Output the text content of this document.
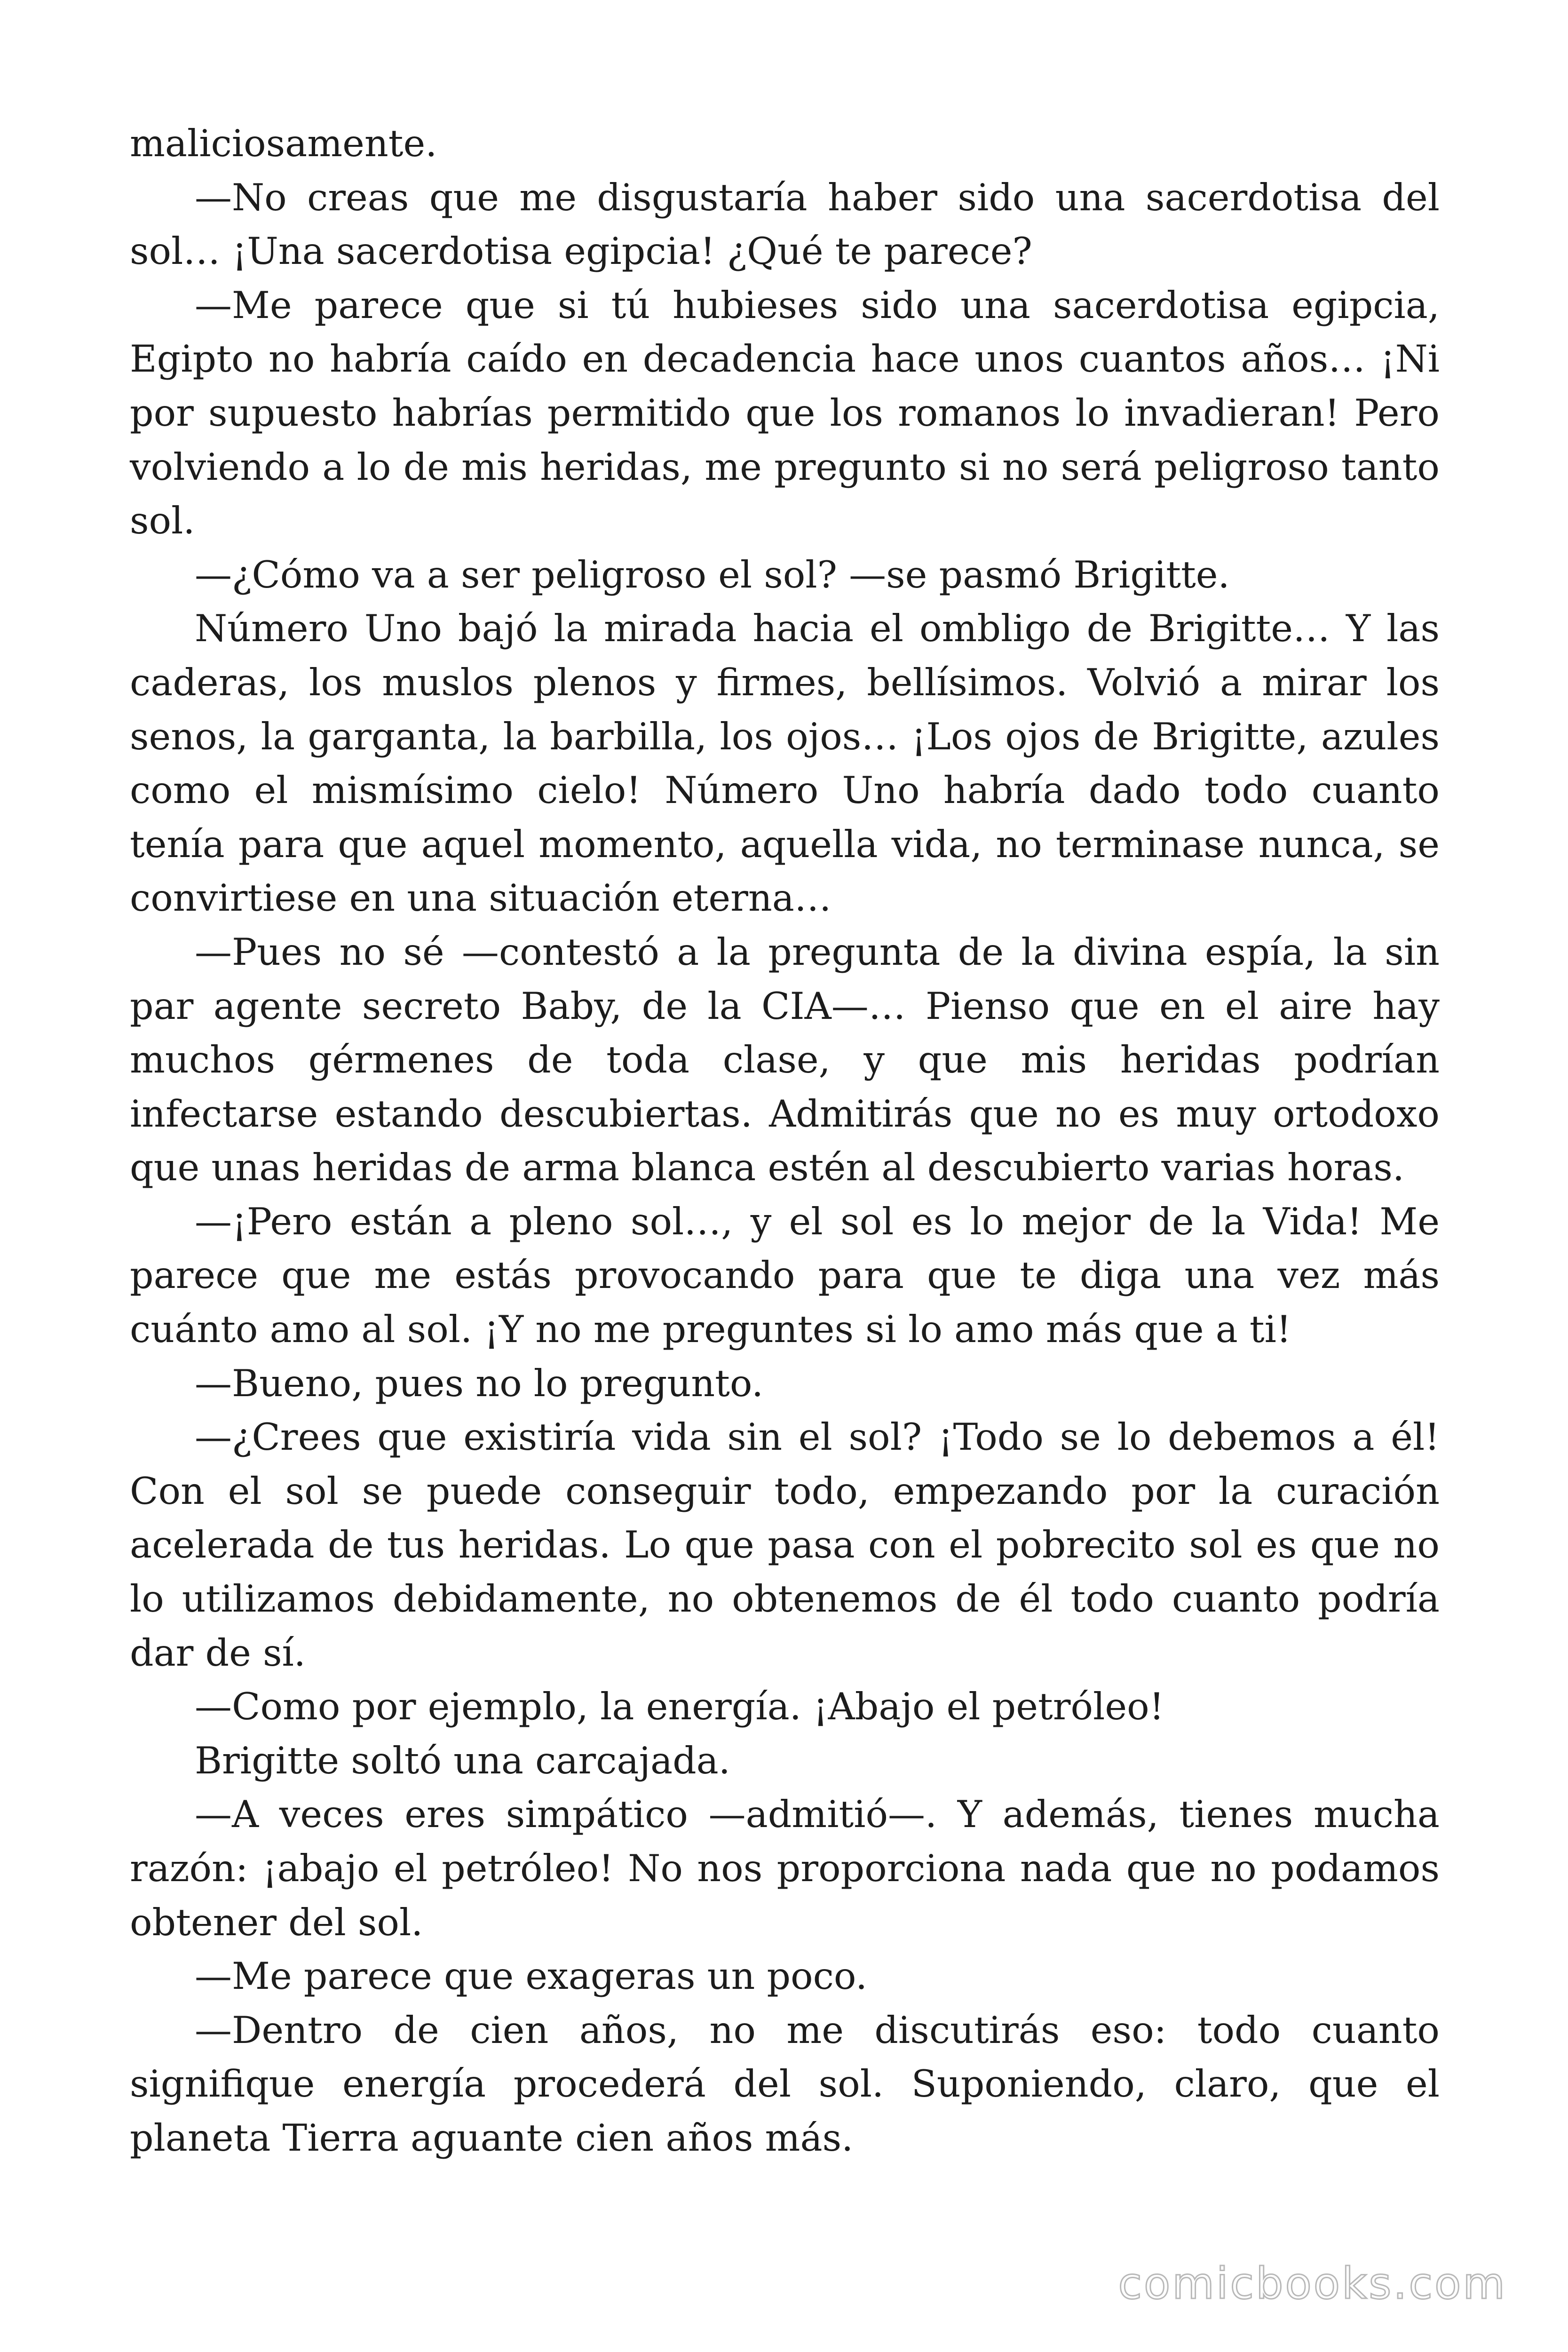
maliciosamente.

—No creas que me disgustaría haber sido una sacerdotisa del sol… ¡Una sacerdotisa egipcia! ¿Qué te parece?

—Me parece que si tú hubieses sido una sacerdotisa egipcia, Egipto no habría caído en decadencia hace unos cuantos años… ¡Ni por supuesto habrías permitido que los romanos lo invadieran! Pero volviendo a lo de mis heridas, me pregunto si no será peligroso tanto sol.

—¿Cómo va a ser peligroso el sol? —se pasmó Brigitte.

Número Uno bajó la mirada hacia el ombligo de Brigitte… Y las caderas, los muslos plenos y firmes, bellísimos. Volvió a mirar los senos, la garganta, la barbilla, los ojos… ¡Los ojos de Brigitte, azules como el mismísimo cielo! Número Uno habría dado todo cuanto tenía para que aquel momento, aquella vida, no terminase nunca, se convirtiese en una situación eterna…

—Pues no sé —contestó a la pregunta de la divina espía, la sin par agente secreto Baby, de la CIA—… Pienso que en el aire hay muchos gérmenes de toda clase, y que mis heridas podrían infectarse estando descubiertas. Admitirás que no es muy ortodoxo que unas heridas de arma blanca estén al descubierto varias horas.

—¡Pero están a pleno sol…, y el sol es lo mejor de la Vida! Me parece que me estás provocando para que te diga una vez más cuánto amo al sol. ¡Y no me preguntes si lo amo más que a ti!

—Bueno, pues no lo pregunto.

—¿Crees que existiría vida sin el sol? ¡Todo se lo debemos a él! Con el sol se puede conseguir todo, empezando por la curación acelerada de tus heridas. Lo que pasa con el pobrecito sol es que no lo utilizamos debidamente, no obtenemos de él todo cuanto podría dar de sí.

—Como por ejemplo, la energía. ¡Abajo el petróleo!

Brigitte soltó una carcajada.

—A veces eres simpático —admitió—. Y además, tienes mucha razón: ¡abajo el petróleo! No nos proporciona nada que no podamos obtener del sol.

—Me parece que exageras un poco.

—Dentro de cien años, no me discutirás eso: todo cuanto signifique energía procederá del sol. Suponiendo, claro, que el planeta Tierra aguante cien años más.

comicbooks.com
